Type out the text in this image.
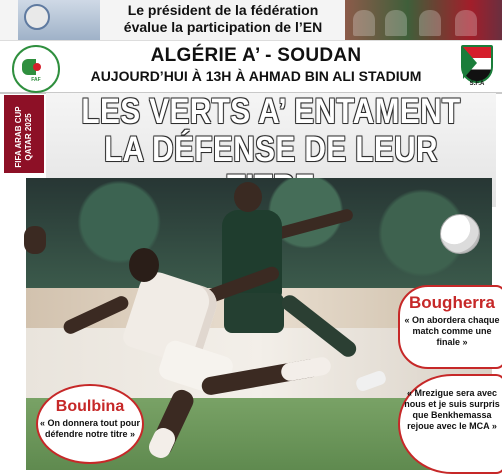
Le président de la fédération évalue la participation de l’EN
FAF
ALGÉRIE A’ - SOUDAN
AUJOURD’HUI À 13H À AHMAD BIN ALI STADIUM	S.F.A
FIFA ARAB CUP QATAR 2025
LES VERTS A’ ENTAMENT
LA DÉFENSE DE LEUR
Bougherra
« On abordera chaque match comme une finale »
« Mrezigue sera avec nous et je suis surpris que Benkhemassa rejoue avec le MCA »
Boulbina
« On donnera tout pour défendre notre titre »
